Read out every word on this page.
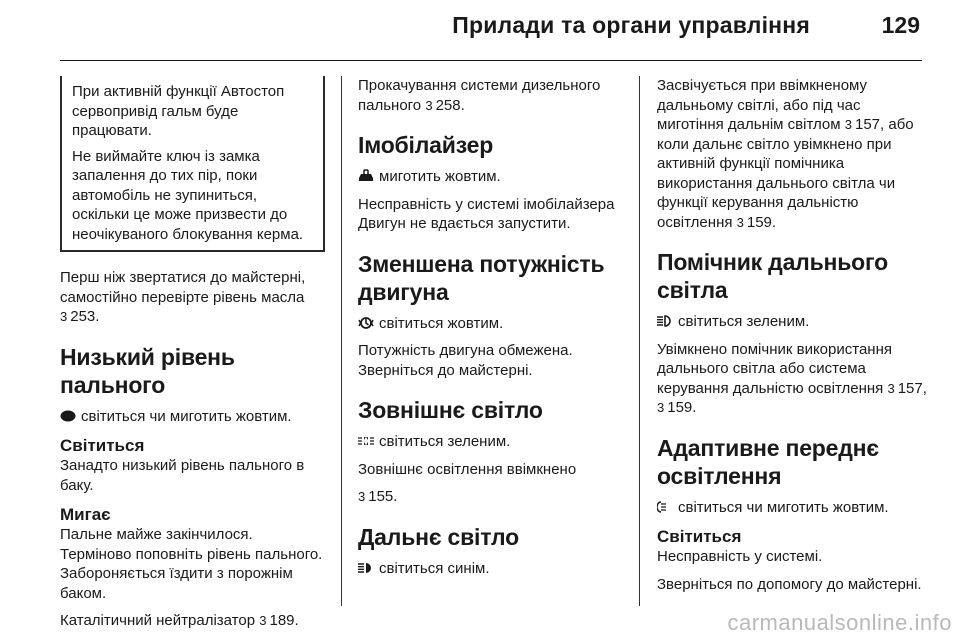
Прилади та органи управління	129

При активній функції Автостоп сервопривід гальм буде працювати.

Не виймайте ключ із замка запалення до тих пір, поки автомобіль не зупиниться, оскільки це може призвести до неочікуваного блокування керма.

Перш ніж звертатися до майстерні, самостійно перевірте рівень масла 3 253.

Низький рівень пального

світиться чи миготить жовтим.

Світиться

Занадто низький рівень пального в баку.

Мигає

Пальне майже закінчилося. Терміново поповніть рівень пального. Забороняється їздити з порожнім баком.

Каталітичний нейтралізатор 3 189.

Прокачування системи дизельного пального 3 258.

Імобілайзер

миготить жовтим.

Несправність у системі імобілайзера Двигун не вдається запустити.

Зменшена потужність двигуна

світиться жовтим.

Потужність двигуна обмежена. Зверніться до майстерні.

Зовнішнє світло

світиться зеленим.

Зовнішнє освітлення ввімкнено

3 155.

Дальнє світло

світиться синім.

Засвічується при ввімкненому дальньому світлі, або під час миготіння дальнім світлом 3 157, або коли дальнє світло увімкнено при активній функції помічника використання дальнього світла чи функції керування дальністю освітлення 3 159.

Помічник дальнього світла

світиться зеленим.

Увімкнено помічник використання дальнього світла або система керування дальністю освітлення 3 157, 3 159.

Адаптивне переднє освітлення

світиться чи миготить жовтим.

Світиться

Несправність у системі.

Зверніться по допомогу до майстерні.

carmanualsonline.info
